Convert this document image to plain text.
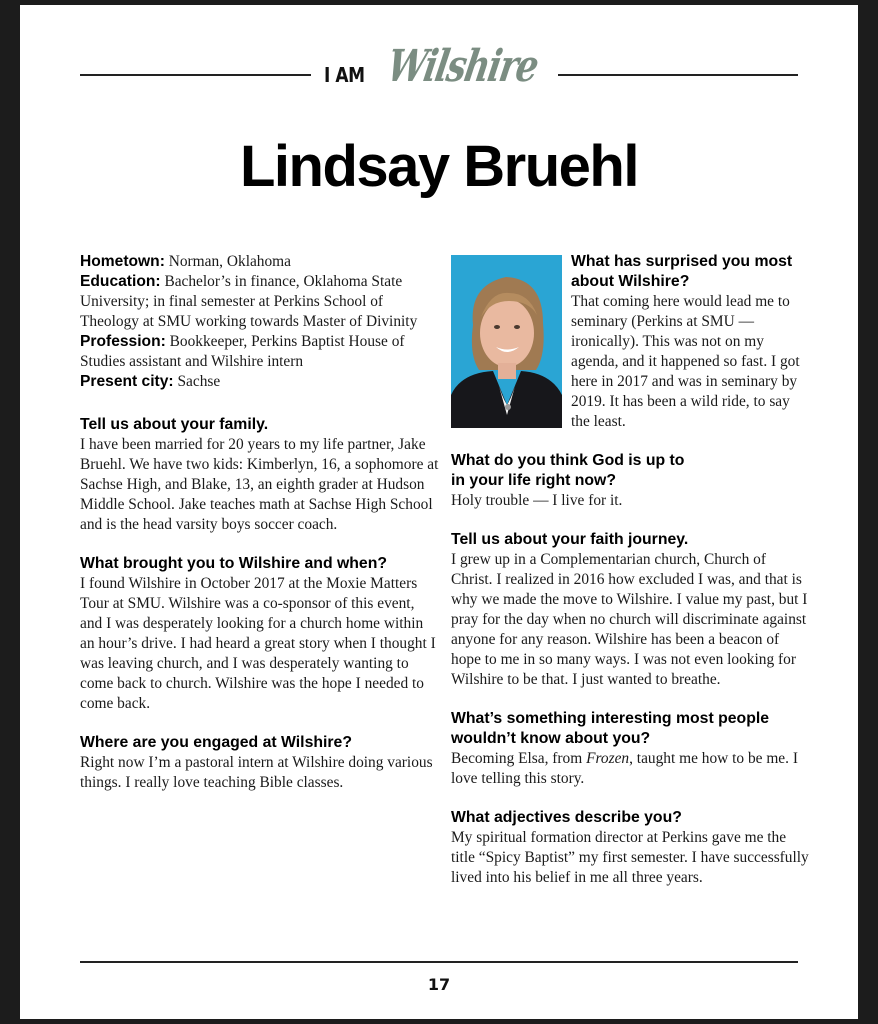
I AM Wilshire
Lindsay Bruehl
Hometown: Norman, Oklahoma
Education: Bachelor’s in finance, Oklahoma State University; in final semester at Perkins School of Theology at SMU working towards Master of Divinity
Profession: Bookkeeper, Perkins Baptist House of Studies assistant and Wilshire intern
Present city: Sachse

Tell us about your family.

I have been married for 20 years to my life partner, Jake Bruehl. We have two kids: Kimberlyn, 16, a sophomore at Sachse High, and Blake, 13, an eighth grader at Hudson Middle School. Jake teaches math at Sachse High School and is the head varsity boys soccer coach.

What brought you to Wilshire and when?

I found Wilshire in October 2017 at the Moxie Matters Tour at SMU. Wilshire was a co-sponsor of this event, and I was desperately looking for a church home within an hour’s drive. I had heard a great story when I thought I was leaving church, and I was desperately wanting to come back to church. Wilshire was the hope I needed to come back.

Where are you engaged at Wilshire?

Right now I’m a pastoral intern at Wilshire doing various things. I really love teaching Bible classes.

What has surprised you most about Wilshire?

That coming here would lead me to seminary (Perkins at SMU — ironically). This was not on my agenda, and it happened so fast. I got here in 2017 and was in seminary by 2019. It has been a wild ride, to say the least.

What do you think God is up to in your life right now?

Holy trouble — I live for it.

Tell us about your faith journey.

I grew up in a Complementarian church, Church of Christ. I realized in 2016 how excluded I was, and that is why we made the move to Wilshire. I value my past, but I pray for the day when no church will discriminate against anyone for any reason. Wilshire has been a beacon of hope to me in so many ways. I was not even looking for Wilshire to be that. I just wanted to breathe.

What’s something interesting most people wouldn’t know about you?

Becoming Elsa, from Frozen, taught me how to be me. I love telling this story.

What adjectives describe you?

My spiritual formation director at Perkins gave me the title “Spicy Baptist” my first semester. I have successfully lived into his belief in me all three years.

17
